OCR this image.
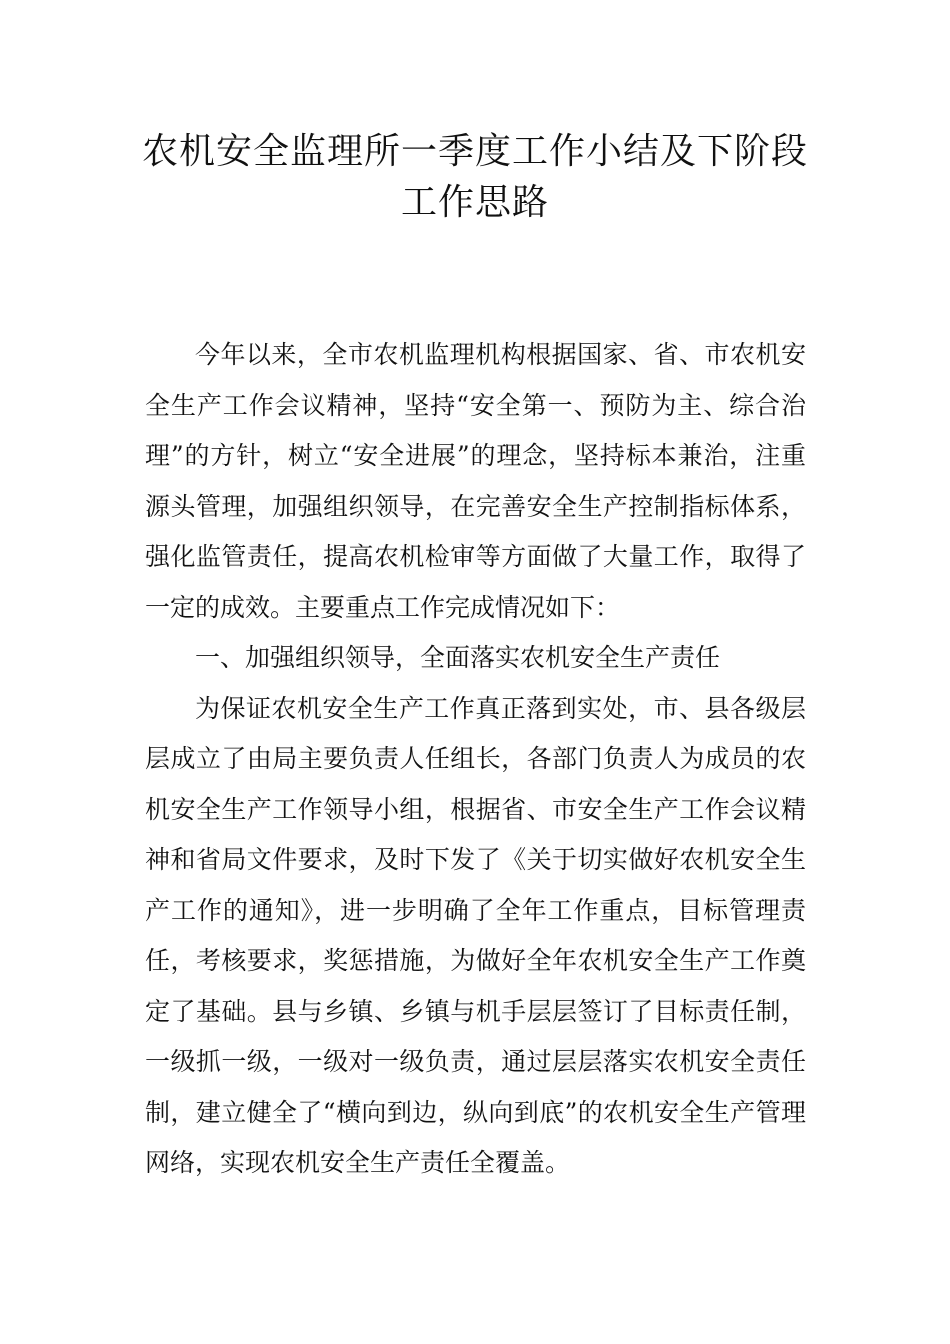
农机安全监理所一季度工作小结及下阶段工作思路

今年以来，全市农机监理机构根据国家、省、市农机安全生产工作会议精神，坚持“安全第一、预防为主、综合治理”的方针，树立“安全进展”的理念，坚持标本兼治，注重源头管理，加强组织领导，在完善安全生产控制指标体系，强化监管责任，提高农机检审等方面做了大量工作，取得了一定的成效。主要重点工作完成情况如下：

一、加强组织领导，全面落实农机安全生产责任

为保证农机安全生产工作真正落到实处，市、县各级层层成立了由局主要负责人任组长，各部门负责人为成员的农机安全生产工作领导小组，根据省、市安全生产工作会议精神和省局文件要求，及时下发了《关于切实做好农机安全生产工作的通知》，进一步明确了全年工作重点，目标管理责任，考核要求，奖惩措施，为做好全年农机安全生产工作奠定了基础。县与乡镇、乡镇与机手层层签订了目标责任制，一级抓一级，一级对一级负责，通过层层落实农机安全责任制，建立健全了“横向到边，纵向到底”的农机安全生产管理网络，实现农机安全生产责任全覆盖。
